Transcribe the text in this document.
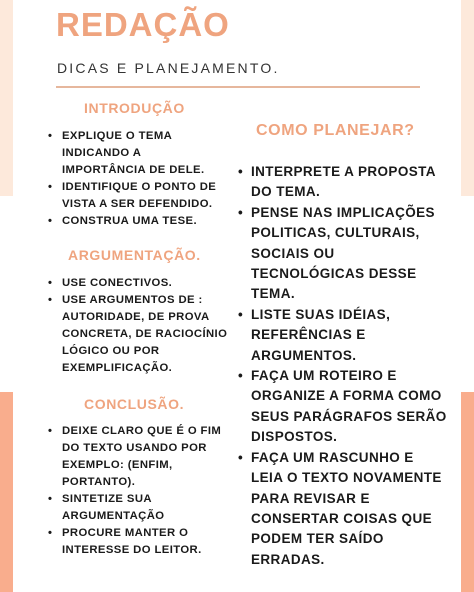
REDAÇÃO

DICAS E PLANEJAMENTO.

INTRODUÇÃO
• EXPLIQUE O TEMA INDICANDO A IMPORTÂNCIA DE DELE.
• IDENTIFIQUE O PONTO DE VISTA A SER DEFENDIDO.
• CONSTRUA UMA TESE.
ARGUMENTAÇÃO.
• USE CONECTIVOS.
• USE ARGUMENTOS DE : AUTORIDADE, DE PROVA CONCRETA, DE RACIOCÍNIO LÓGICO OU POR EXEMPLIFICAÇÃO.
CONCLUSÃO.
• DEIXE CLARO QUE É O FIM DO TEXTO USANDO POR EXEMPLO: (ENFIM, PORTANTO).
• SINTETIZE SUA ARGUMENTAÇÃO
• PROCURE MANTER O INTERESSE DO LEITOR.
COMO PLANEJAR?
• INTERPRETE A PROPOSTA DO TEMA.
• PENSE NAS IMPLICAÇÕES POLITICAS, CULTURAIS, SOCIAIS OU TECNOLÓGICAS DESSE TEMA.
• LISTE SUAS IDÉIAS, REFERÊNCIAS E ARGUMENTOS.
• FAÇA UM ROTEIRO E ORGANIZE A FORMA COMO SEUS PARÁGRAFOS SERÃO DISPOSTOS.
• FAÇA UM RASCUNHO E LEIA O TEXTO NOVAMENTE PARA REVISAR E CONSERTAR COISAS QUE PODEM TER SAÍDO ERRADAS.
